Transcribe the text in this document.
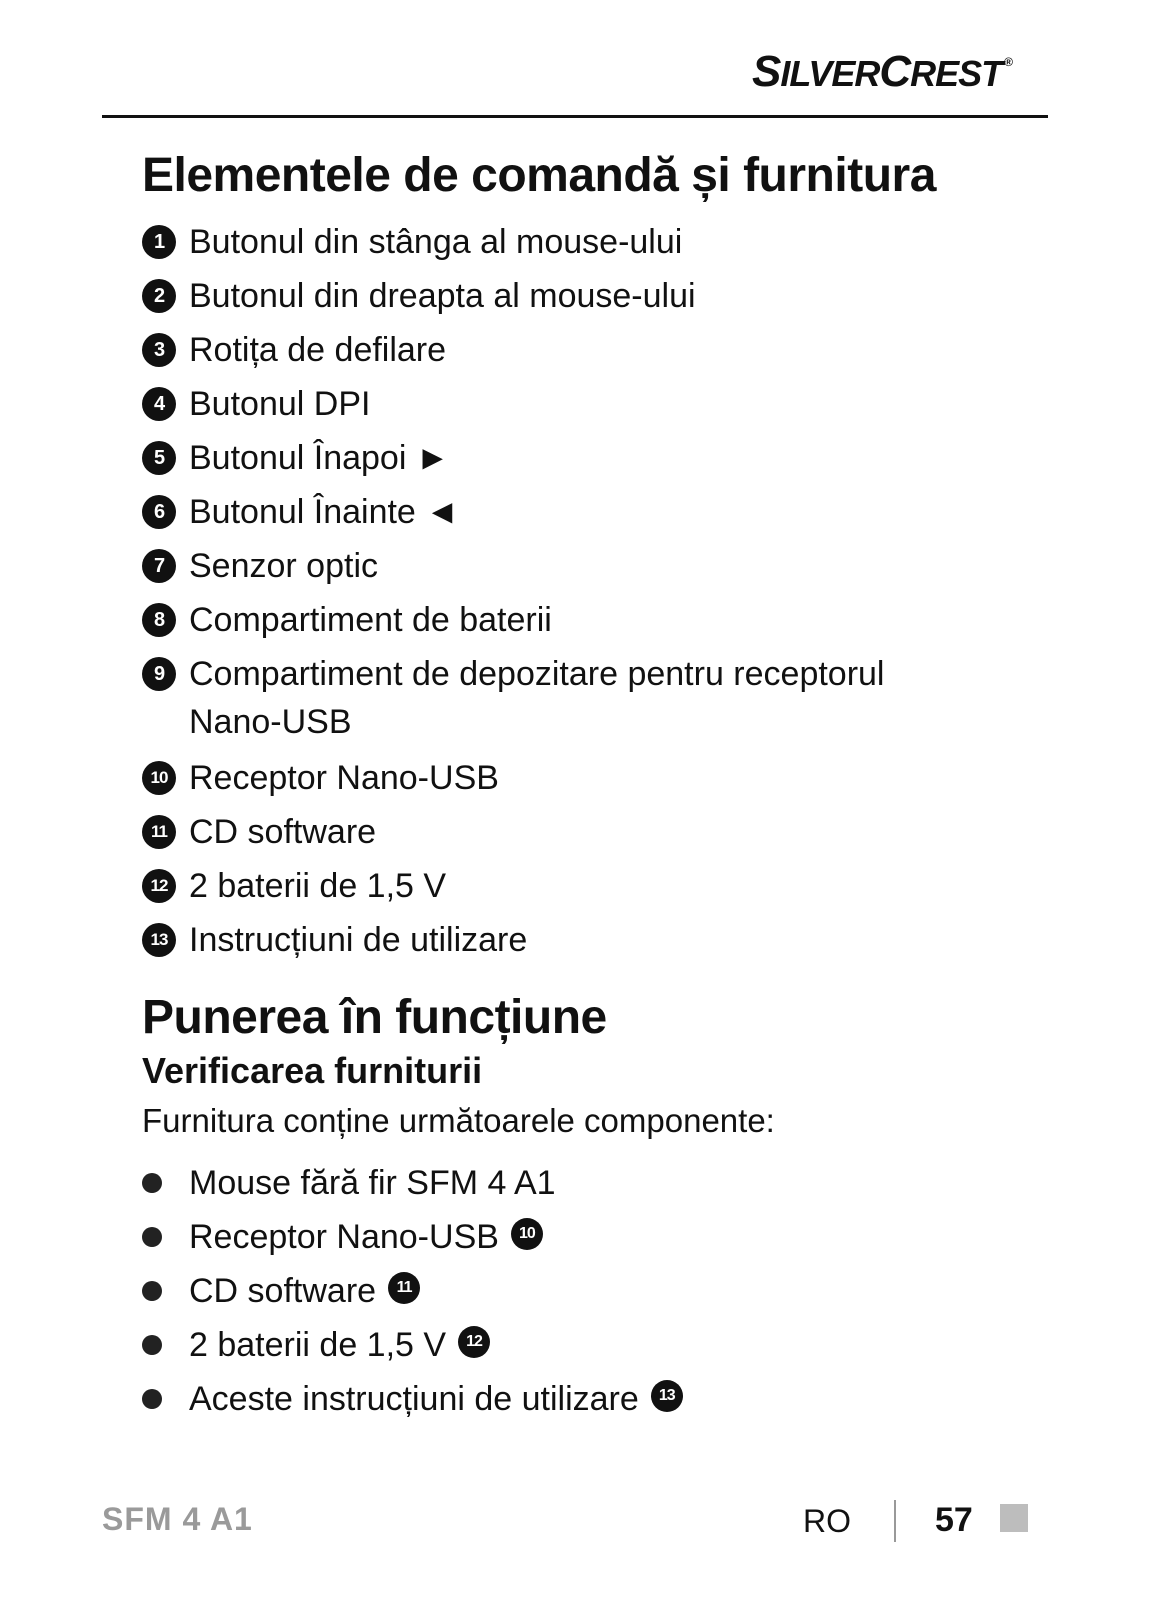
SILVERCREST ®
Elementele de comandă și furnitura
1 Butonul din stânga al mouse-ului
2 Butonul din dreapta al mouse-ului
3 Rotița de defilare
4 Butonul DPI
5 Butonul Înapoi ►
6 Butonul Înainte ◄
7 Senzor optic
8 Compartiment de baterii
9 Compartiment de depozitare pentru receptorul Nano-USB
10 Receptor Nano-USB
11 CD software
12 2 baterii de 1,5 V
13 Instrucțiuni de utilizare
Punerea în funcțiune
Verificarea furniturii
Furnitura conține următoarele componente:
Mouse fără fir SFM 4 A1
Receptor Nano-USB	10
CD software	11
2 baterii de 1,5 V	12
Aceste instrucțiuni de utilizare	13
SFM 4 A1	RO 57
